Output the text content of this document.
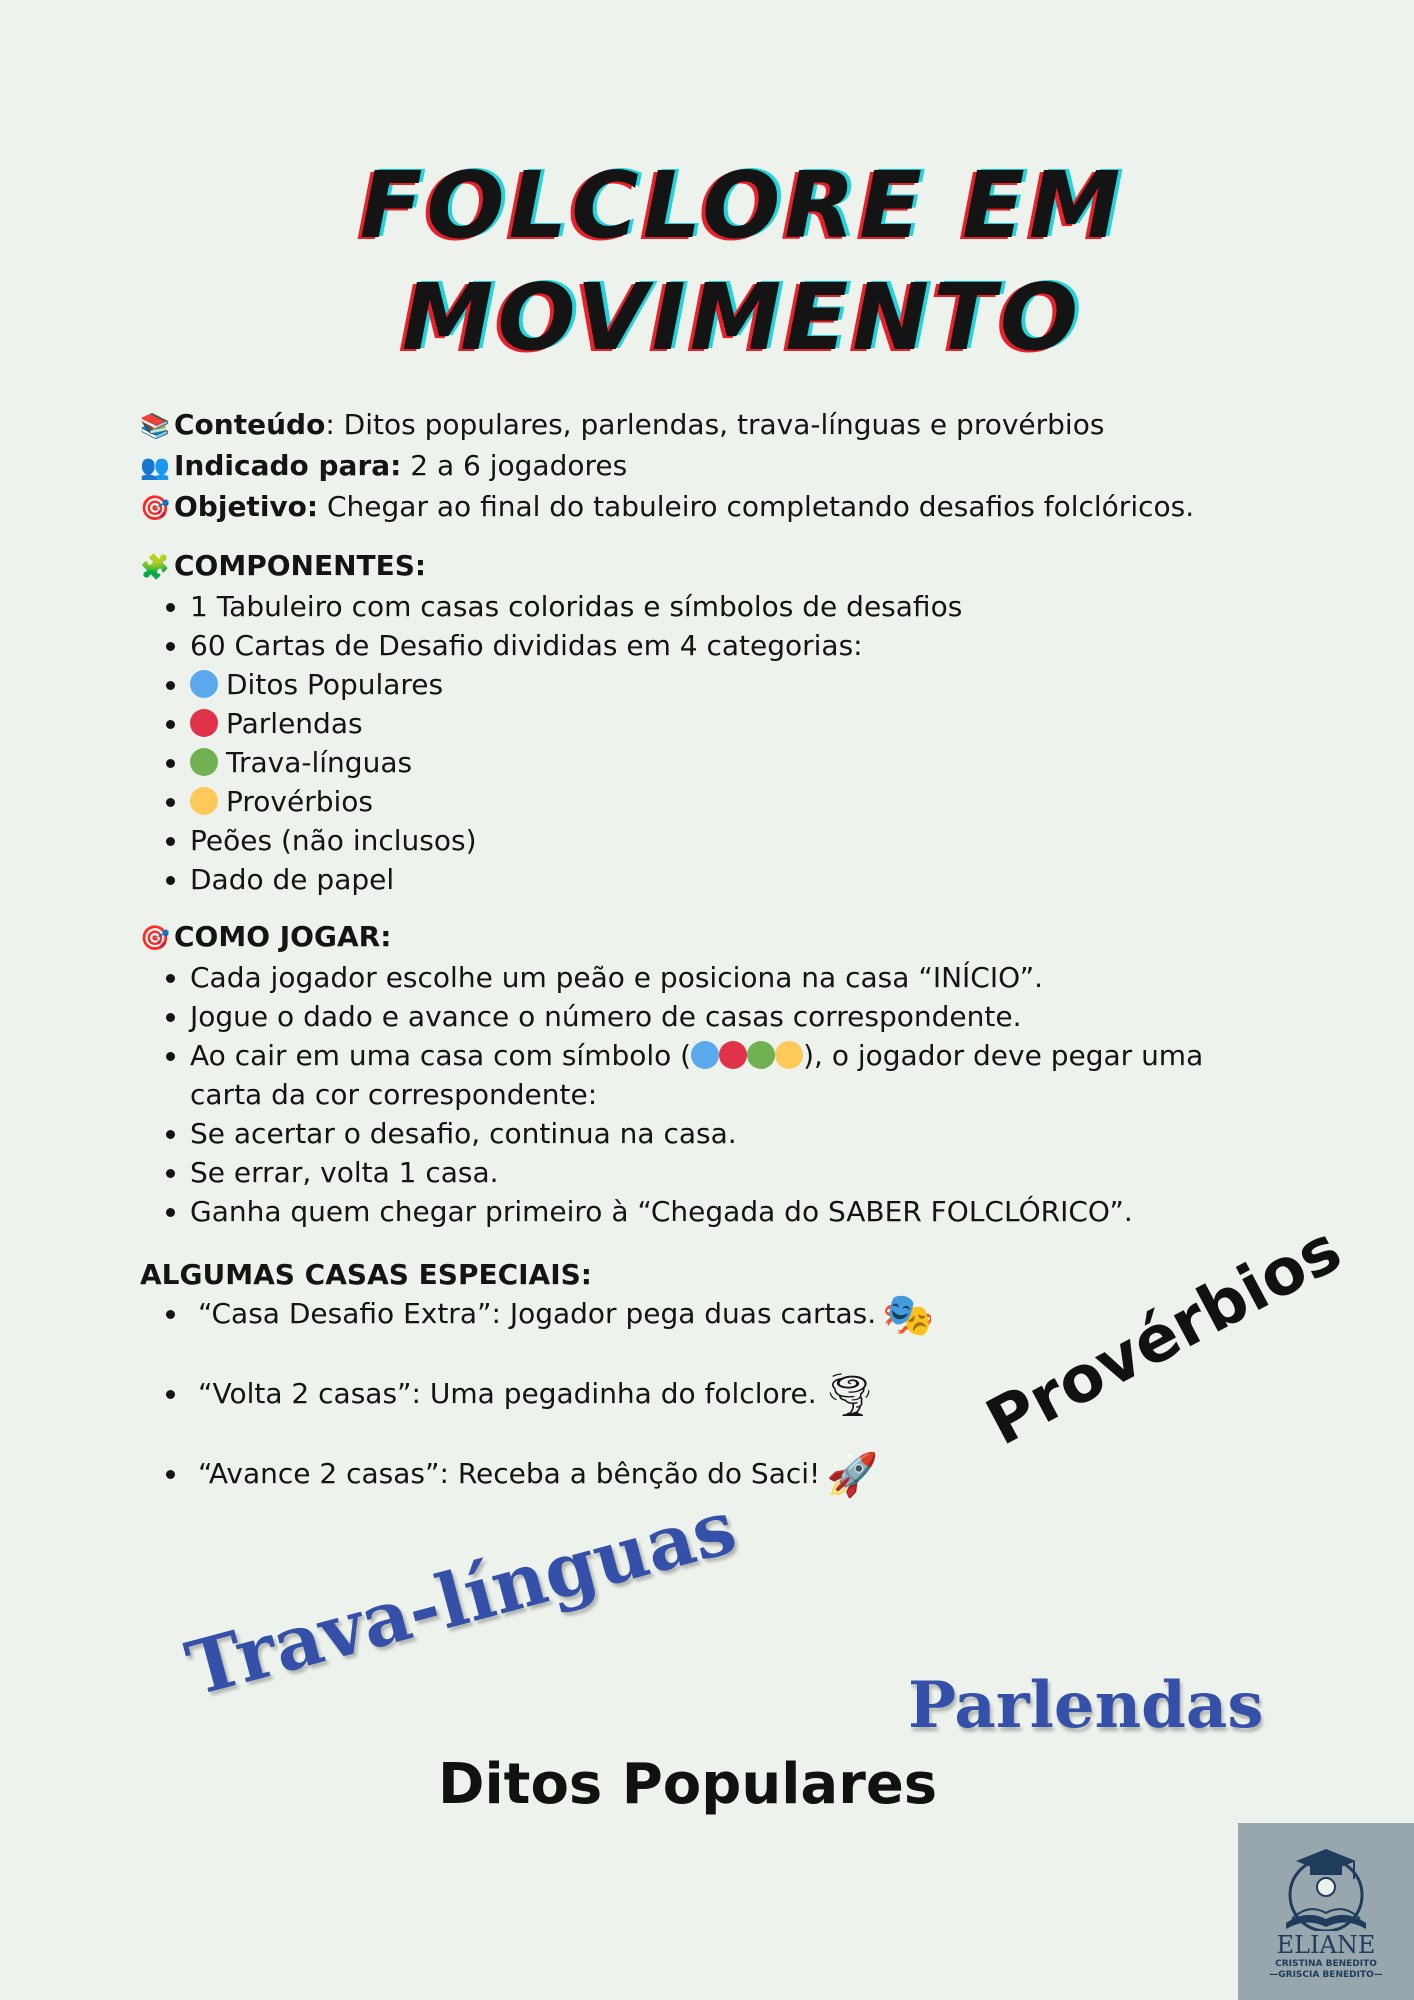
FOLCLORE EM
MOVIMENTO
📚 Conteúdo: Ditos populares, parlendas, trava-línguas e provérbios
👥 Indicado para: 2 a 6 jogadores
🎯 Objetivo: Chegar ao final do tabuleiro completando desafios folclóricos.
🧩 COMPONENTES:
• 1 Tabuleiro com casas coloridas e símbolos de desafios
• 60 Cartas de Desafio divididas em 4 categorias:
• Ditos Populares
• Parlendas
• Trava-línguas
• Provérbios
• Peões (não inclusos)
• Dado de papel
🎯 COMO JOGAR:
• Cada jogador escolhe um peão e posiciona na casa “INÍCIO”.
• Jogue o dado e avance o número de casas correspondente.
• Ao cair em uma casa com símbolo (	), o jogador deve pegar uma carta da cor correspondente:
• Se acertar o desafio, continua na casa.
• Se errar, volta 1 casa.
• Ganha quem chegar primeiro à “Chegada do SABER FOLCLÓRICO”.
ALGUMAS CASAS ESPECIAIS:
• “Casa Desafio Extra”: Jogador pega duas cartas. 🎭
• “Volta 2 casas”: Uma pegadinha do folclore. 🌪
• “Avance 2 casas”: Receba a bênção do Saci! 🚀
Provérbios
Trava-línguas	Parlendas
Ditos Populares
ELIANE
CRISTINA BENEDITO
—GRISCIA BENEDITO—
